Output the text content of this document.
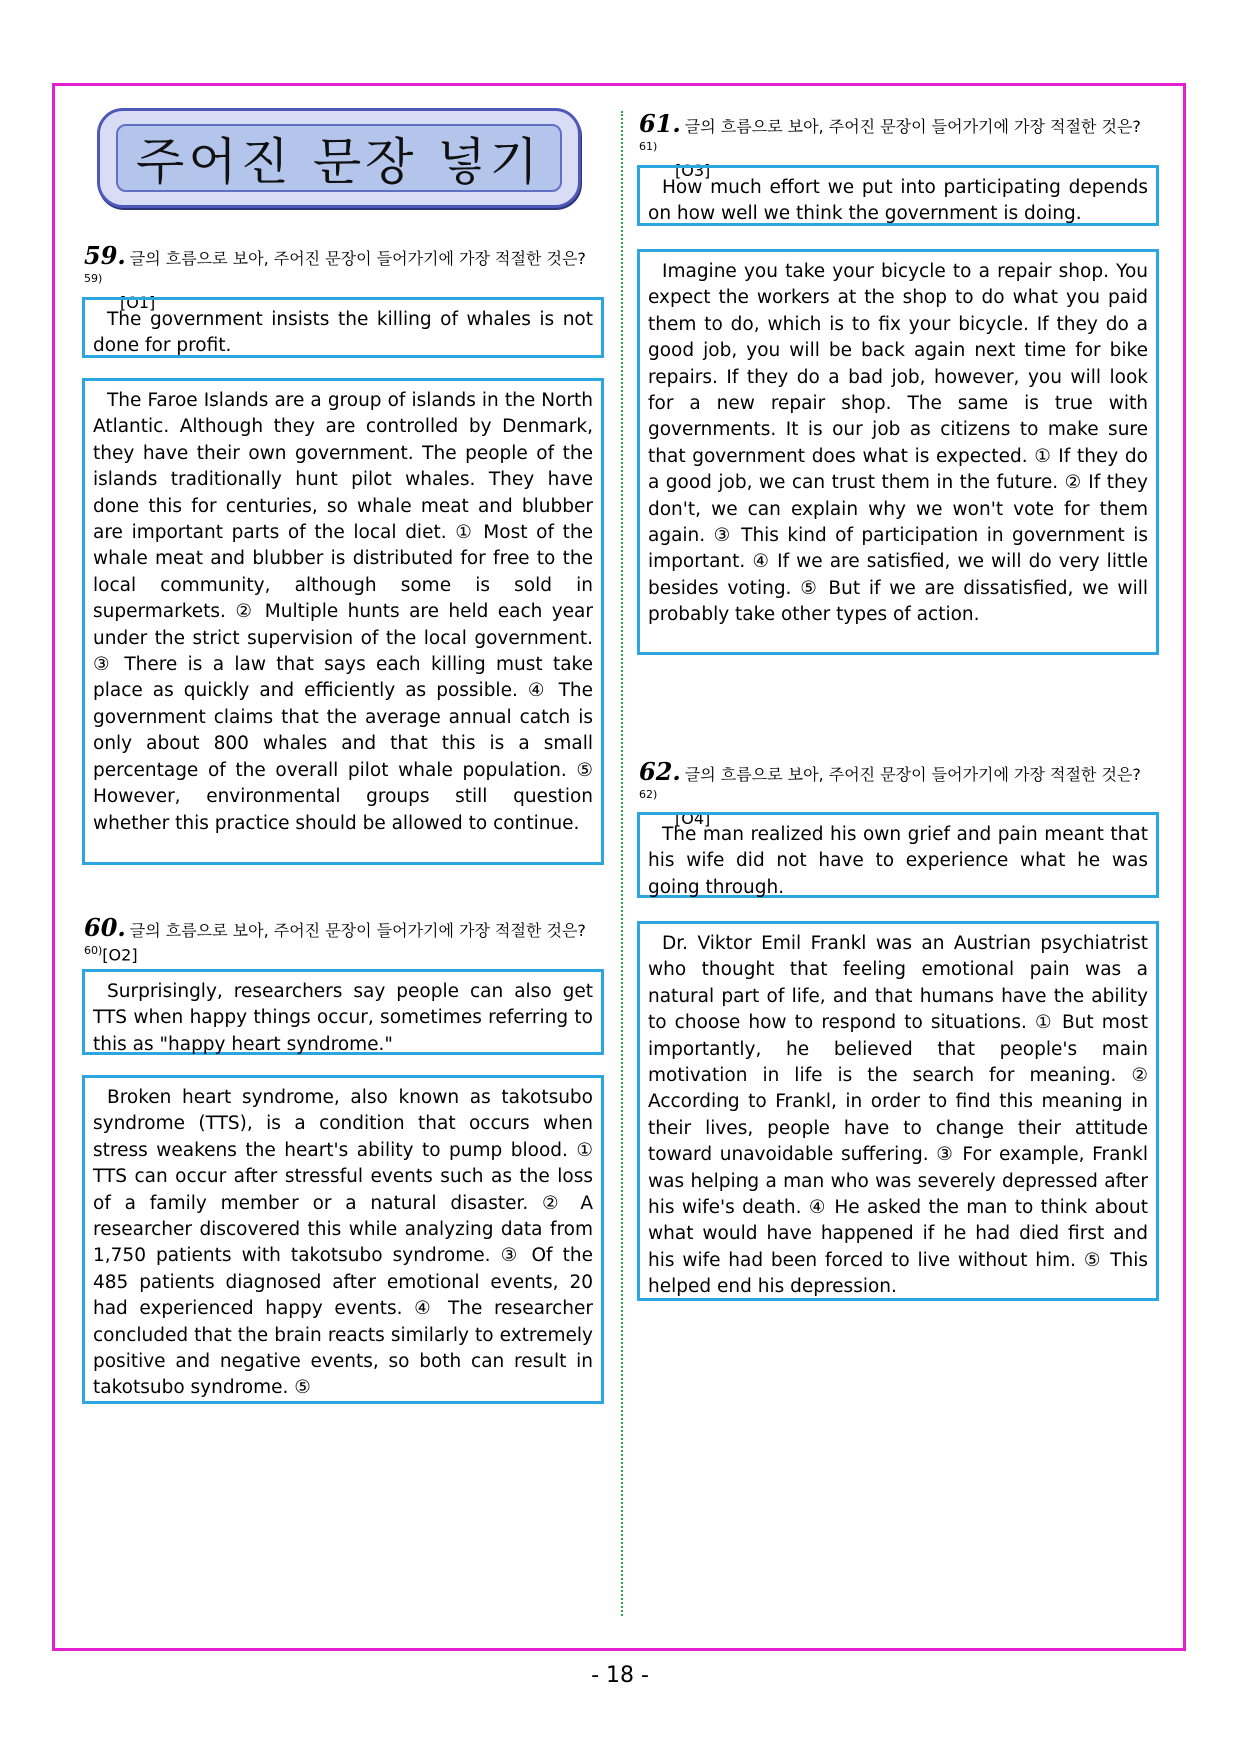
주어진 문장 넣기
59. 글의 흐름으로 보아, 주어진 문장이 들어가기에 가장 적절한 것은?$^{59)}$
[O1]
The government insists the killing of whales is not done for profit.
The Faroe Islands are a group of islands in the North Atlantic. Although they are controlled by Denmark, they have their own government. The people of the islands traditionally hunt pilot whales. They have done this for centuries, so whale meat and blubber are important parts of the local diet. ① Most of the whale meat and blubber is distributed for free to the local community, although some is sold in supermarkets. ② Multiple hunts are held each year under the strict supervision of the local government. ③ There is a law that says each killing must take place as quickly and efficiently as possible. ④ The government claims that the average annual catch is only about 800 whales and that this is a small percentage of the overall pilot whale population. ⑤ However, environmental groups still question whether this practice should be allowed to continue.
60. 글의 흐름으로 보아, 주어진 문장이 들어가기에 가장 적절한 것은?$^{60)}$[O2]
Surprisingly, researchers say people can also get TTS when happy things occur, sometimes referring to this as "happy heart syndrome."
Broken heart syndrome, also known as takotsubo syndrome (TTS), is a condition that occurs when stress weakens the heart's ability to pump blood. ① TTS can occur after stressful events such as the loss of a family member or a natural disaster. ② A researcher discovered this while analyzing data from 1,750 patients with takotsubo syndrome. ③ Of the 485 patients diagnosed after emotional events, 20 had experienced happy events. ④ The researcher concluded that the brain reacts similarly to extremely positive and negative events, so both can result in takotsubo syndrome. ⑤
61. 글의 흐름으로 보아, 주어진 문장이 들어가기에 가장 적절한 것은?$^{61)}$
[O3]
How much effort we put into participating depends on how well we think the government is doing.
Imagine you take your bicycle to a repair shop. You expect the workers at the shop to do what you paid them to do, which is to fix your bicycle. If they do a good job, you will be back again next time for bike repairs. If they do a bad job, however, you will look for a new repair shop. The same is true with governments. It is our job as citizens to make sure that government does what is expected. ① If they do a good job, we can trust them in the future. ② If they don't, we can explain why we won't vote for them again. ③ This kind of participation in government is important. ④ If we are satisfied, we will do very little besides voting. ⑤ But if we are dissatisfied, we will probably take other types of action.
62. 글의 흐름으로 보아, 주어진 문장이 들어가기에 가장 적절한 것은?$^{62)}$
[O4]
The man realized his own grief and pain meant that his wife did not have to experience what he was going through.
Dr. Viktor Emil Frankl was an Austrian psychiatrist who thought that feeling emotional pain was a natural part of life, and that humans have the ability to choose how to respond to situations. ① But most importantly, he believed that people's main motivation in life is the search for meaning. ② According to Frankl, in order to find this meaning in their lives, people have to change their attitude toward unavoidable suffering. ③ For example, Frankl was helping a man who was severely depressed after his wife's death. ④ He asked the man to think about what would have happened if he had died first and his wife had been forced to live without him. ⑤ This helped end his depression.
- 18 -
